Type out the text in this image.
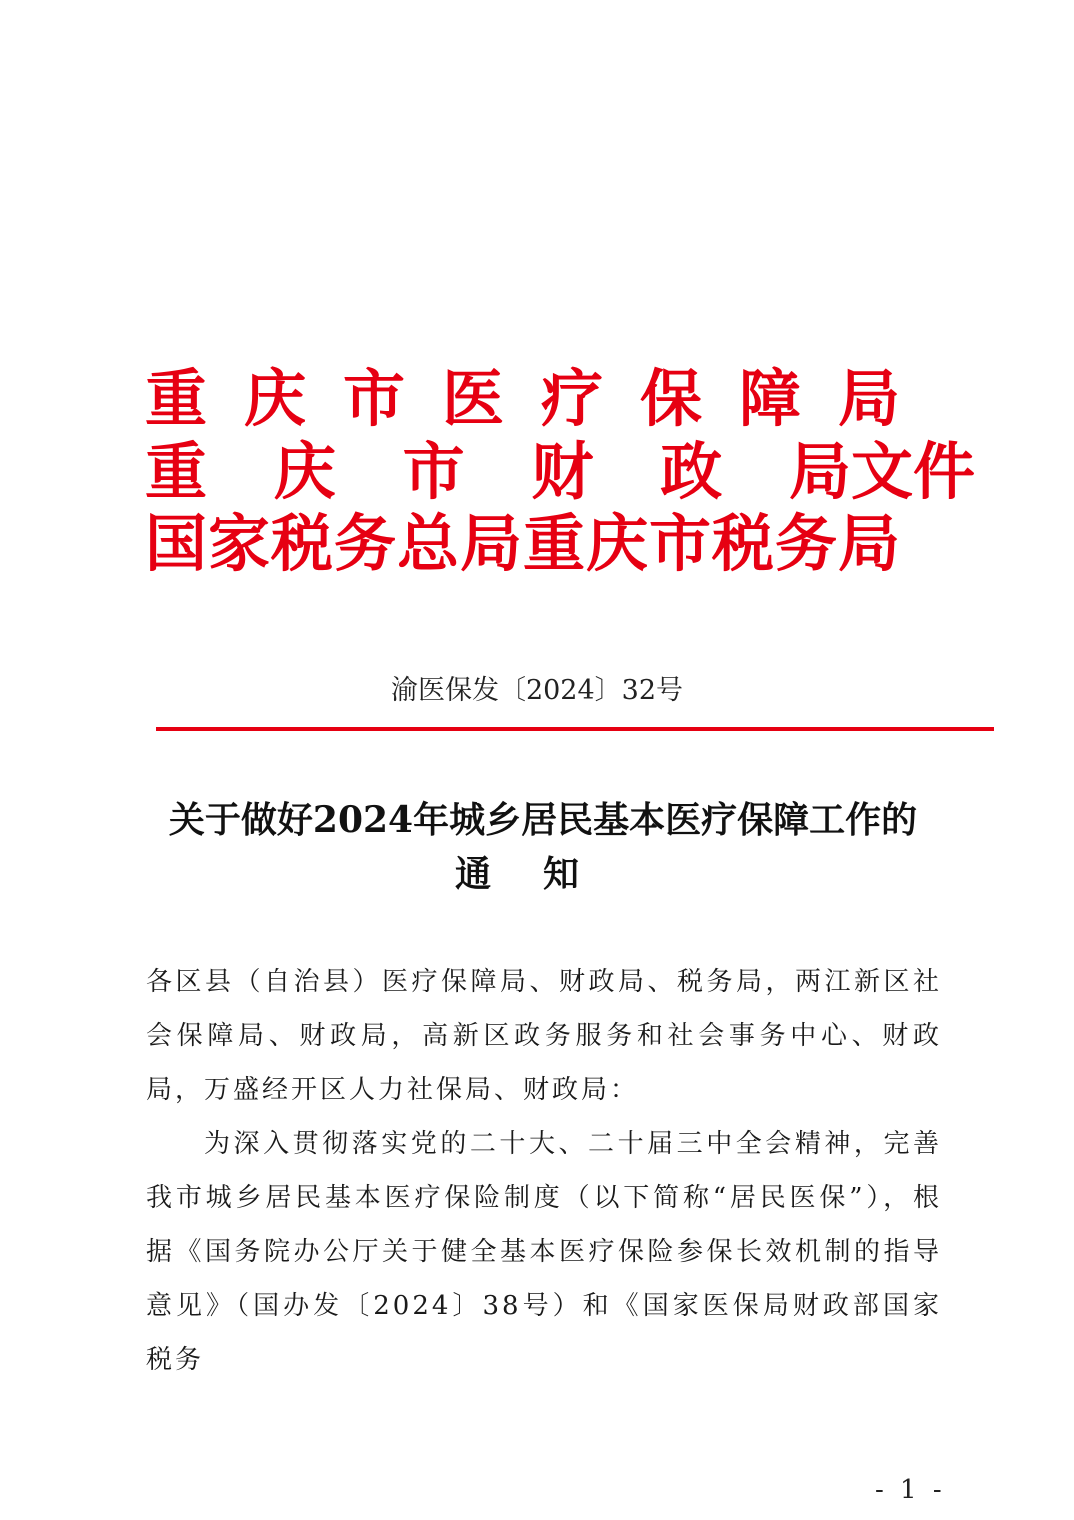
重庆市医疗保障局
重 庆 市 财 政 局文件
国家税务总局重庆市税务局
渝医保发〔2024〕32号
关于做好2024年城乡居民基本医疗保障工作的
通知

各区县（自治县）医疗保障局、财政局、税务局，两江新区社会保障局、财政局，高新区政务服务和社会事务中心、财政局，万盛经开区人力社保局、财政局：

为深入贯彻落实党的二十大、二十届三中全会精神，完善我市城乡居民基本医疗保险制度（以下简称“居民医保”），根据《国务院办公厅关于健全基本医疗保险参保长效机制的指导意见》（国办发〔2024〕38号）和《国家医保局财政部国家税务

- 1 -
